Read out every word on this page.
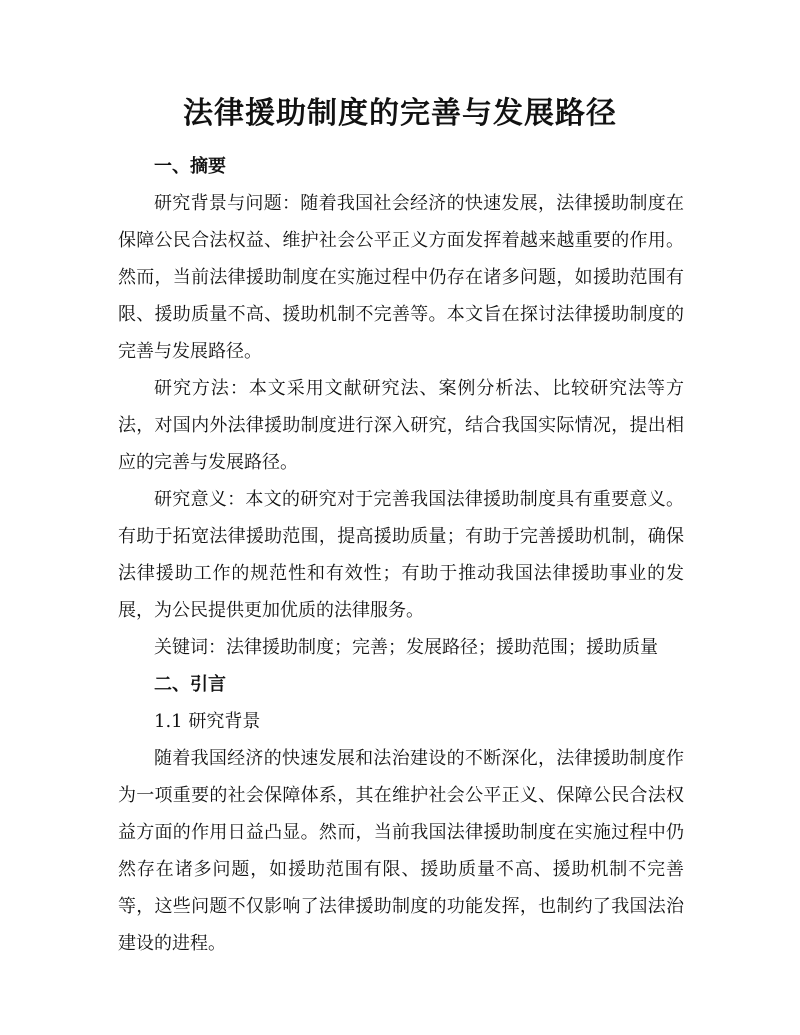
法律援助制度的完善与发展路径
一、摘要

研究背景与问题：随着我国社会经济的快速发展，法律援助制度在保障公民合法权益、维护社会公平正义方面发挥着越来越重要的作用。然而，当前法律援助制度在实施过程中仍存在诸多问题，如援助范围有限、援助质量不高、援助机制不完善等。本文旨在探讨法律援助制度的完善与发展路径。

研究方法：本文采用文献研究法、案例分析法、比较研究法等方法，对国内外法律援助制度进行深入研究，结合我国实际情况，提出相应的完善与发展路径。

研究意义：本文的研究对于完善我国法律援助制度具有重要意义。有助于拓宽法律援助范围，提高援助质量；有助于完善援助机制，确保法律援助工作的规范性和有效性；有助于推动我国法律援助事业的发展，为公民提供更加优质的法律服务。

关键词：法律援助制度；完善；发展路径；援助范围；援助质量

二、引言

1.1 研究背景

随着我国经济的快速发展和法治建设的不断深化，法律援助制度作为一项重要的社会保障体系，其在维护社会公平正义、保障公民合法权益方面的作用日益凸显。然而，当前我国法律援助制度在实施过程中仍然存在诸多问题，如援助范围有限、援助质量不高、援助机制不完善等，这些问题不仅影响了法律援助制度的功能发挥，也制约了我国法治建设的进程。
